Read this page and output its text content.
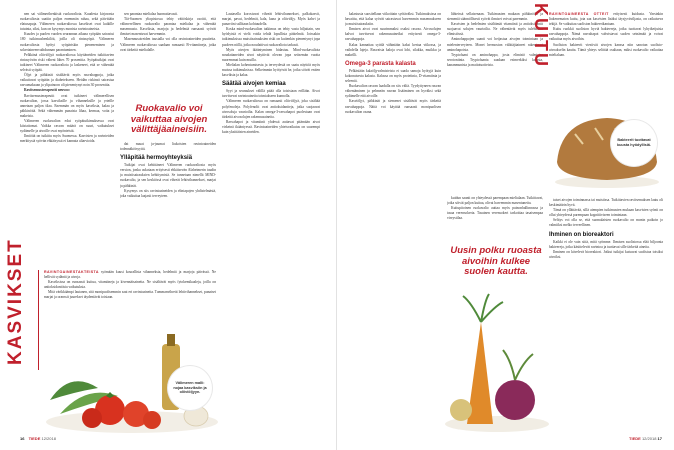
nen sai välimerihenkistä ruokavaliota. Kuudesta kirjavasta ruokavaliosta saatiin paljon enemmän rahaa, sekä päivittäin elatusapuja. Välimeren ruokavaliossa kasvikset ovat kaikille tutuinta, siksi, kun on kysymys monista ravintoaineista.

Kuudes ja puolen vuoden seurannan aikana syöpään sairastui 180 tutkimushenkilöä, joilla oli rintasyöpä. Välimeren ruokavaliosta hyötyi syöpäriskin pieneneminen ja sokeriaineenvaihdunnan parantuminen.

Pelkkänä oliiviöljyä ruokavaliossa käyttäneiden tutkittavien rintasyövän riski väheni lähes 70 prosenttia. Syöpätutkijat ovat tutkineet Välimeren ruokavaliota ja laskeneet, että se vähentää selvästi syöpää.

Öljyt ja pähkinät sisältävät myös rasvahappoja, jotka vaikuttavat syöpään ja diabetekseen. Heidän riskinsä sairastua rasvamaksaan ja ylipainoon oli pienentynyt noin 30 prosenttia.

Ravitsemusterapeutti neuvoo:

Ravitsemusterapeutit ovat tutkineet välimerellisen ruokavalion, jossa kasviksille ja vihanneksille ja yrteille annetaan paljon tilaa. Enemmän on myös kasviksia, kalaa ja pähkinöitä. Sekä vähemmän punaista lihaa, kermaa, voita ja makeisia.

Välimeren ruokavalion edut syöpätutkimuksessa ovat kiistattomat. Vaikka rasvan määrä on suuri, vaikutukset sydämelle ja aivoille ovat myönteisiä.

Ilmiöitä on tutkittu myös Suomessa. Kasvisten ja ravinteiden merkitystä syövän ehkäisyssä ei kannata aliarvioida.

sen parantaa mielialaa huomattavasti.

Tiä-Suomen yliopistossa tehty väitöskirja osoitti, että välimerellinen ruokavalio parantaa mielialaa ja vähentää masennusta. Kasviksia, marjoja ja hedelmiä runsaasti syövät ihmiset masentuvat harvemmin.

Masennusoireiden taustalla voi olla ravintoaineiden puutteita. Välimeren ruokavaliossa saadaan runsaasti B-vitamiineja, jotka ovat tärkeitä mielialalle.

Ruokavalio voi vaikuttaa aivojen välittäjäaineisiin.

dat nuuat ja-jaumat liukoisten ravintoaineiden todennäköisyyttä.

Ylläpitää hermoyhteyksiä

Tutkijat ovat kehittäneet Välimeren ruokavaliosta myös version, jonka uskotaan erityisesti ehkäisevän Alzheimerin taudin ja muistisairauksien kehittymistä. Se tunnetaan nimellä MIND-ruokavalio, ja sen keskiössä ovat vihreät lehtivihannekset, marjat ja pähkinät.

Kysymys on siis ravintoaineiden ja elintapojen yhdistelmästä, joka vaikuttaa laajasti terveyteen.

Lautasella korostuvat vihreät lehtivihannekset, palkokasvit, marjat, pavut, hedelmät, kala, kana ja oliiviöljy. Myös kahvi ja punaviini sallitaan kohtuudella.

Koska mind-ruokavalion tutkimus on tehty vasta hiljattain, sen hyödyistä ei vielä voida tehdä lopullisia päätelmiä. Joissakin tutkimuksissa muistisairauksien riski on kuitenkin pienentynyt jopa puoleen niillä, jotka noudattivat ruokavaliota tarkasti.

Myös aivojen ikääntyminen hidastuu. Mind-ruokavaliota noudattaneiden aivot näyttivät olevan jopa seitsemän vuotta nuoremmat kuin muilla.

Mielialan kohentumisesta ja terveydestä on saatu näyttöä myös muissa tutkimuksissa. Selkeimmin hyötyivät he, jotka söivät eniten kasviksia ja kalaa.

Säätää aivojen kemiaa

Syyt ja seuraukset välillä pitää olla toisistaan erillään. Aivot tarvitsevat ravintoaineita toimiakseen kunnolla.

Välimeren ruokavaliossa on runsaasti oliiviöljyä, joka sisältää polyfenoleja. Polyfenolit ovat antioksidantteja, jotka suojaavat aivosoluja vaurioilta. Kalan omega-3-rasvahapot puolestaan ovat tärkeitä aivosolujen rakennusaineita.

Rasvahapot ja vitamiinit yhdessä auttavat pitämään aivot virkeinä ikääntyessä. Ravintoaineiden yhteisvaikutus on suurempi kuin yksittäisten aineiden.

KASVIKSET	RAVINTOAINESTAKTEISTA syömään kuusi kourallista vihanneksia, hedelmiä ja marjoja päivässä. Ne hellivät sydäntä ja aivoja.

Kasviksissa on runsaasti kuitua, vitamiineja ja kivennäisaineita. Ne sisältävät myös fytokemikaaleja, joilla on antioksidanttisia vaikutuksia.

Mitä värikkäämpi lautanen, sitä monipuolisemmin saat eri ravintoaineita. Tummanvihreät lehtivihannekset, punaiset marjat ja oranssit juurekset täydentävät toisiaan.

Välimeren malli: nojaa kasviksiin ja oliiviöljyyn.
16 TIEDE 12/2018

kalastusta suositellaan viikoittain syötäväksi. Tutkimuksissa on havaittu, että kalaa syövät sairastuvat harvemmin masennukseen ja muistisairauksiin.

Ihmisen aivot ovat suurimmaksi osaksi rasvaa. Aivosolujen kalvot tarvitsevat rakennusaineiksi erityisesti omega-3-rasvahappoja.

Kalaa kannattaa syödä vähintään kaksi kertaa viikossa, ja vaihdella lajeja. Rasvaisia kaloja ovat lohi, silakka, muikku ja makrilli.

Omega-3 parasta kalasta

Pelkästään kalaöljyvalmisteista ei saada samoja hyötyjä kuin kokonaisesta kalasta. Kalassa on myös proteiinia, D-vitamiinia ja seleeniä.

Ruokavalion rasvan laadulla on siis väliä. Tyydyttyneen rasvan vähentäminen ja pehmeän rasvan lisääminen on hyväksi sekä sydämelle että aivoille.

Kasviöljyt, pähkinät ja siemenet sisältävät myös tärkeitä rasvahappoja. Näitä voi käyttää runsaasti monipuolisen ruokavalion osana.

lähteissä sellaisenaan. Tutkimusten mukaan pähkinöitä ja siemeniä säännöllisesti syövät ihmiset voivat paremmin.

Kasvisten ja hedelmien sisältämät vitamiinit ja antioksidantit suojaavat solujen vaurioilta. Ne vähentävät myös tulehdusta elimistössä.

Aminohappojen saanti voi heijastua aivojen toimintaan ja mielenterveyteen. Monet hermoston välittäjäaineet rakentuvat aminohapoista.

Tryptofaani on aminohappo, josta elimistö valmistaa serotoniinia. Tryptofaania saadaan esimerkiksi kalasta, kananmunista ja maitotuotteista.

kuidun saanti on yhteydessä parempaan mielialaan. Tutkittavat, jotka söivät paljon kuitua, olivat harvemmin masentuneita.

Kuitupitoinen ruokavalio auttaa myös painonhallinnassa ja tasaa verensokeria. Tasainen verensokeri tarkoittaa tasaisempaa vireystilaa.

Uusin polku ruoasta aivoihin kulkee suolen kautta.

RAVINTOAINEESTA OTTEIT erityisesti kuidusta. Varsinkin liukenematon kuitu, jota saa kasvisten lisäksi täysjyväviljasta, on ratkaiseva tekijä. Se vaikuttaa suoliston bakteerikantaan.

Kuitu ruokkii suoliston hyviä bakteereja, jotka tuottavat lyhytketjuisia rasvahappoja. Nämä rasvahapot vahvistavat suolen seinämää ja voivat vaikuttaa myös aivoihin.

Suoliston bakteerit viestivät aivojen kanssa niin sanotun suolisto-aivoakselin kautta. Tämä yhteys selittää osaltaan, miksi ruokavalio vaikuttaa mielialaan.

KUITU
Bakteerit tuottavat kuusta hyödyllisiä.

taiset aivojen toiminnassa tai muistissa. Tutkittavien ravitsemuksen laatu oli keskimäärin hyvä.

Tämä on yllättävää, sillä aiempien tutkimusten mukaan kasvisten syönti on ollut yhteydessä parempaan kognitiiviseen toimintaan.

Selitys voi olla se, että suomalaisten ruokavalio on monin paikoin jo valmiiksi melko terveellinen.

Ihminen on bioreaktori

Kaikki ei ole vain siitä, mitä syömme. Ihmisen suolistossa elää biljoonia bakteereja, jotka käsittelevät ravintoa ja tuottavat sille tärkeitä aineita.

Ihminen on kävelevä bioreaktori. Jotkut tutkijat kutsuvat suolistoa toisiksi aivoiksi.

TIEDE 12/2018 17
